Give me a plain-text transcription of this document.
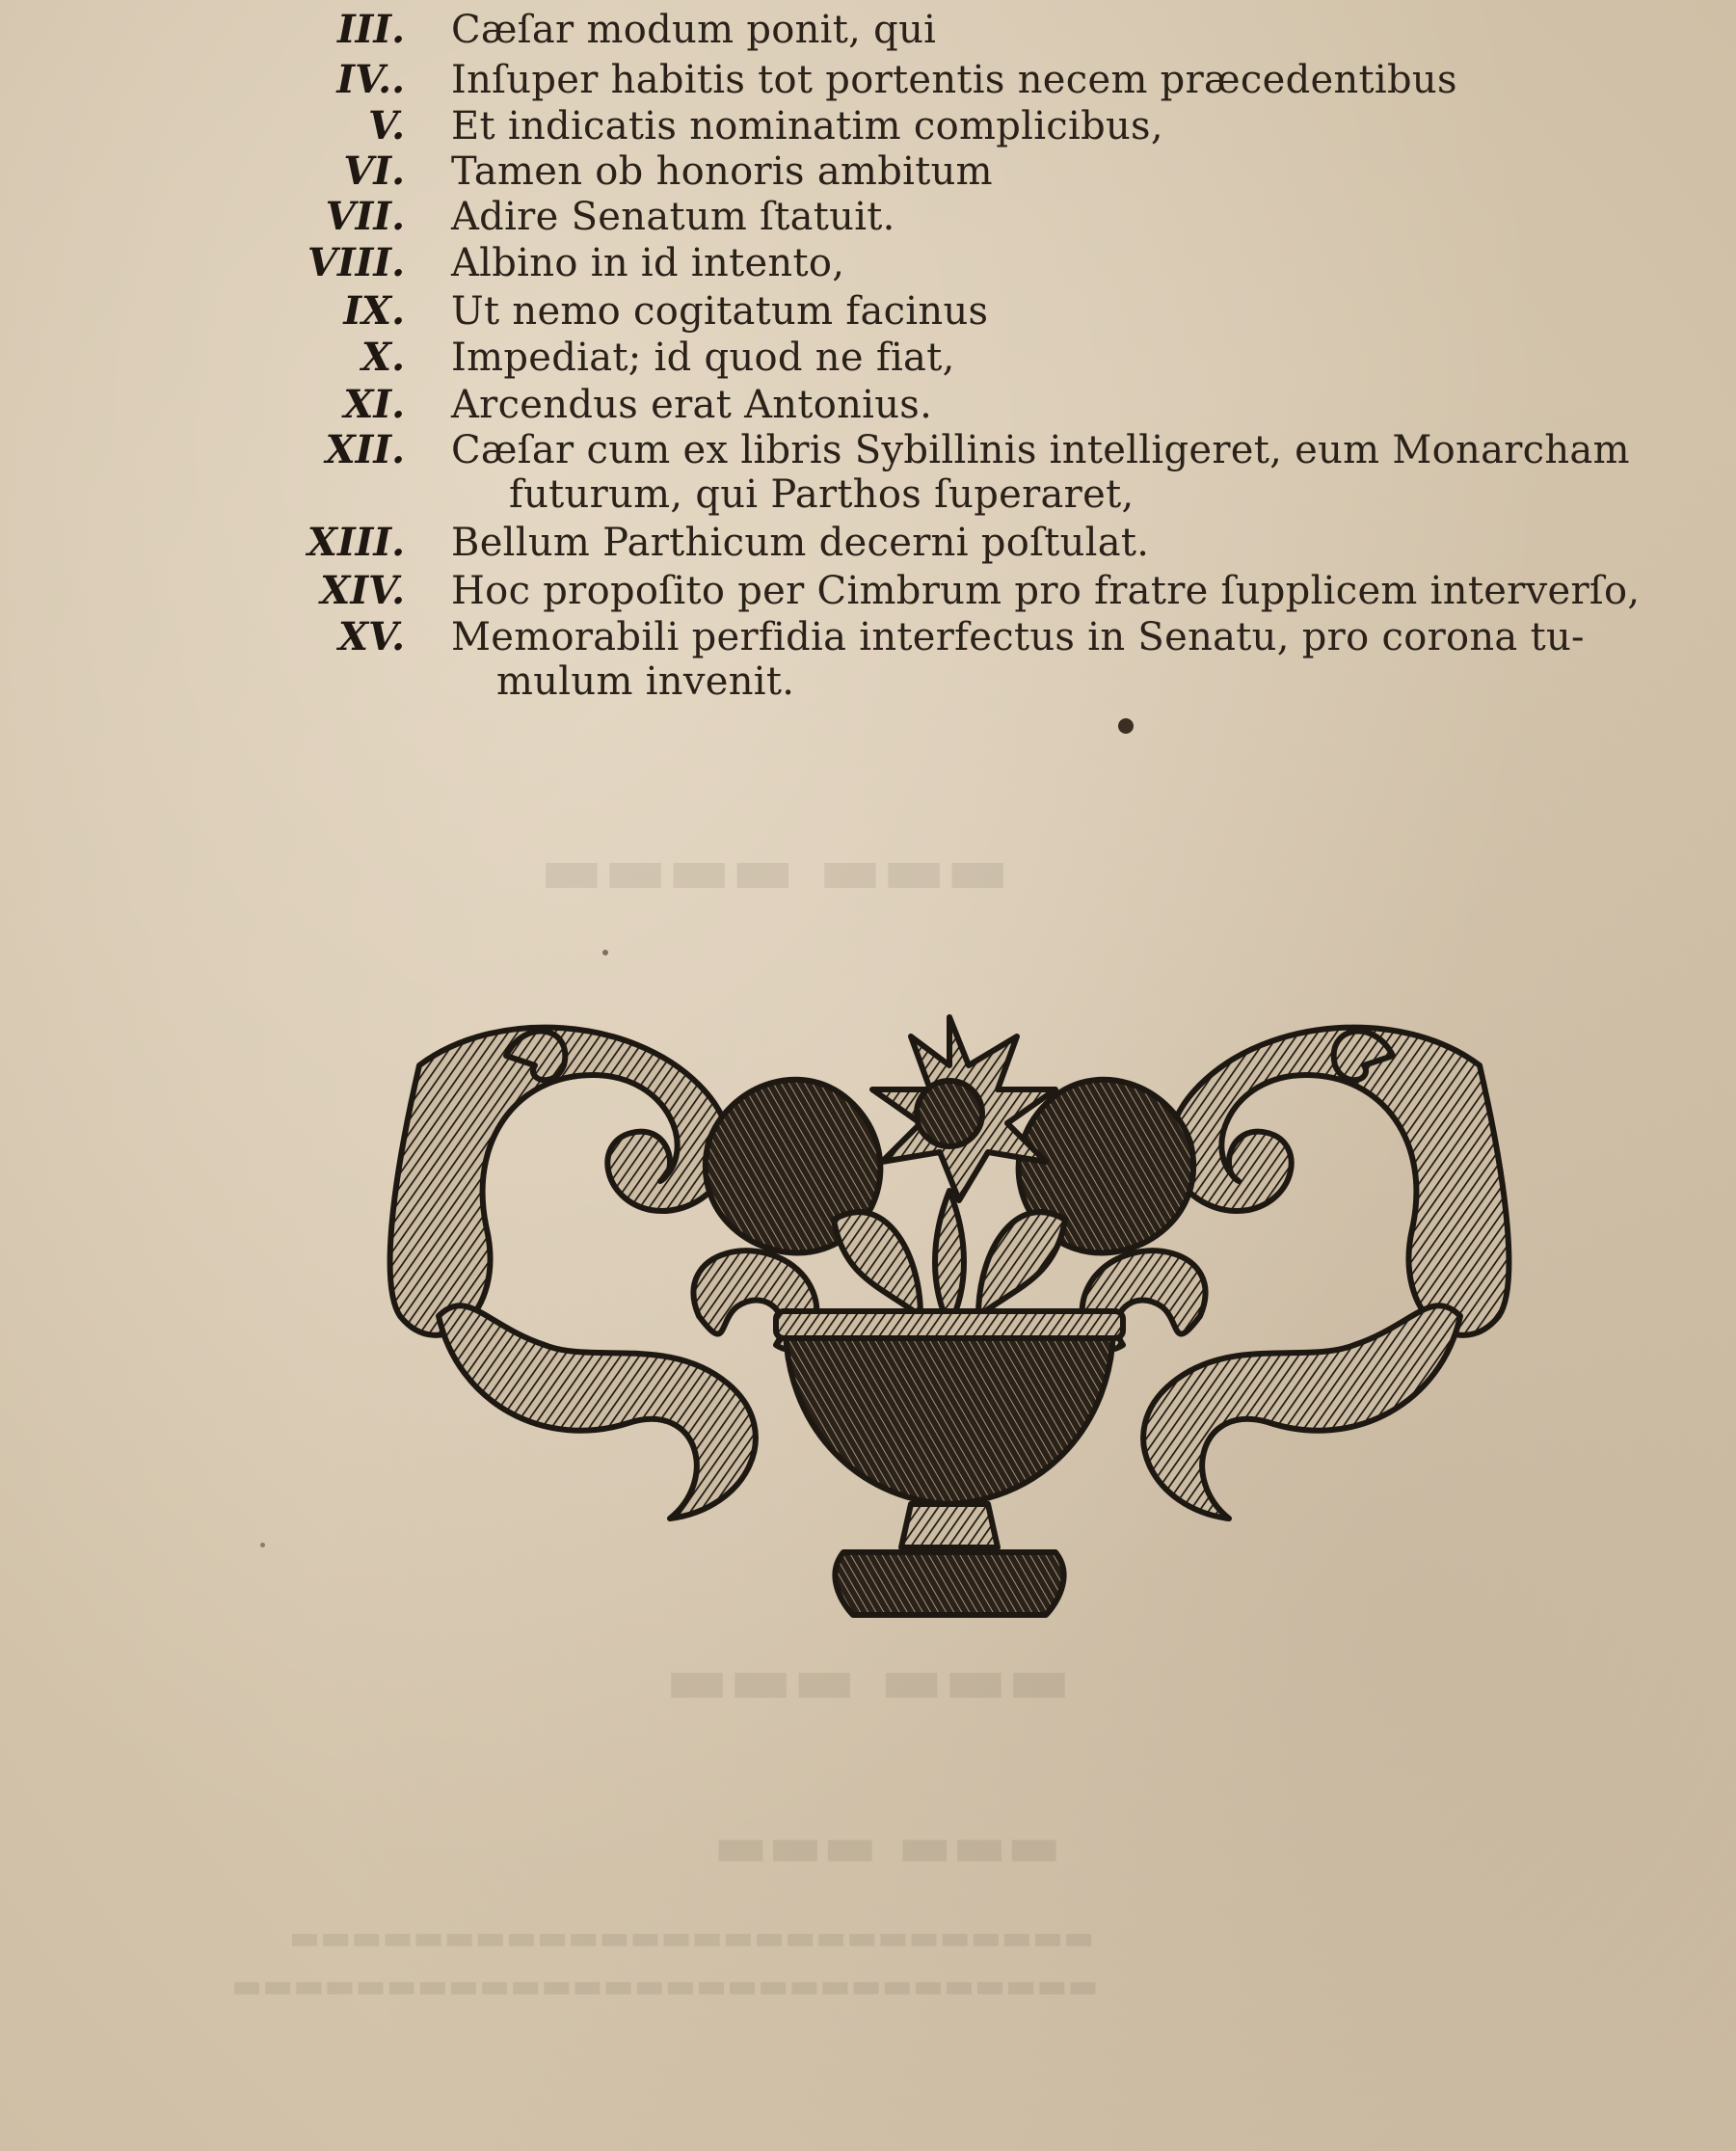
▬▬▬ ▬▬▬▬
▬▬▬ ▬▬▬
▬▬▬ ▬▬▬
▬▬▬▬▬▬▬▬▬▬▬▬▬▬▬▬▬▬▬▬▬▬▬▬▬▬
▬▬▬▬▬▬▬▬▬▬▬▬▬▬▬▬▬▬▬▬▬▬▬▬▬▬▬▬
III. Cæſar modum ponit, qui
IV.. Inſuper habitis tot portentis necem præcedentibus
V. Et indicatis nominatim complicibus,
VI. Tamen ob honoris ambitum
VII. Adire Senatum ſtatuit.
VIII. Albino in id intento,
IX. Ut nemo cogitatum facinus
X. Impediat; id quod ne fiat,
XI. Arcendus erat Antonius.
XII. Cæſar cum ex libris Sybillinis intelligeret, eum Monarcham
futurum, qui Parthos ſuperaret,
XIII. Bellum Parthicum decerni poſtulat.
XIV. Hoc propoſito per Cimbrum pro fratre ſupplicem interverſo,
XV. Memorabili perfidia interfectus in Senatu, pro corona tu-
mulum invenit.
